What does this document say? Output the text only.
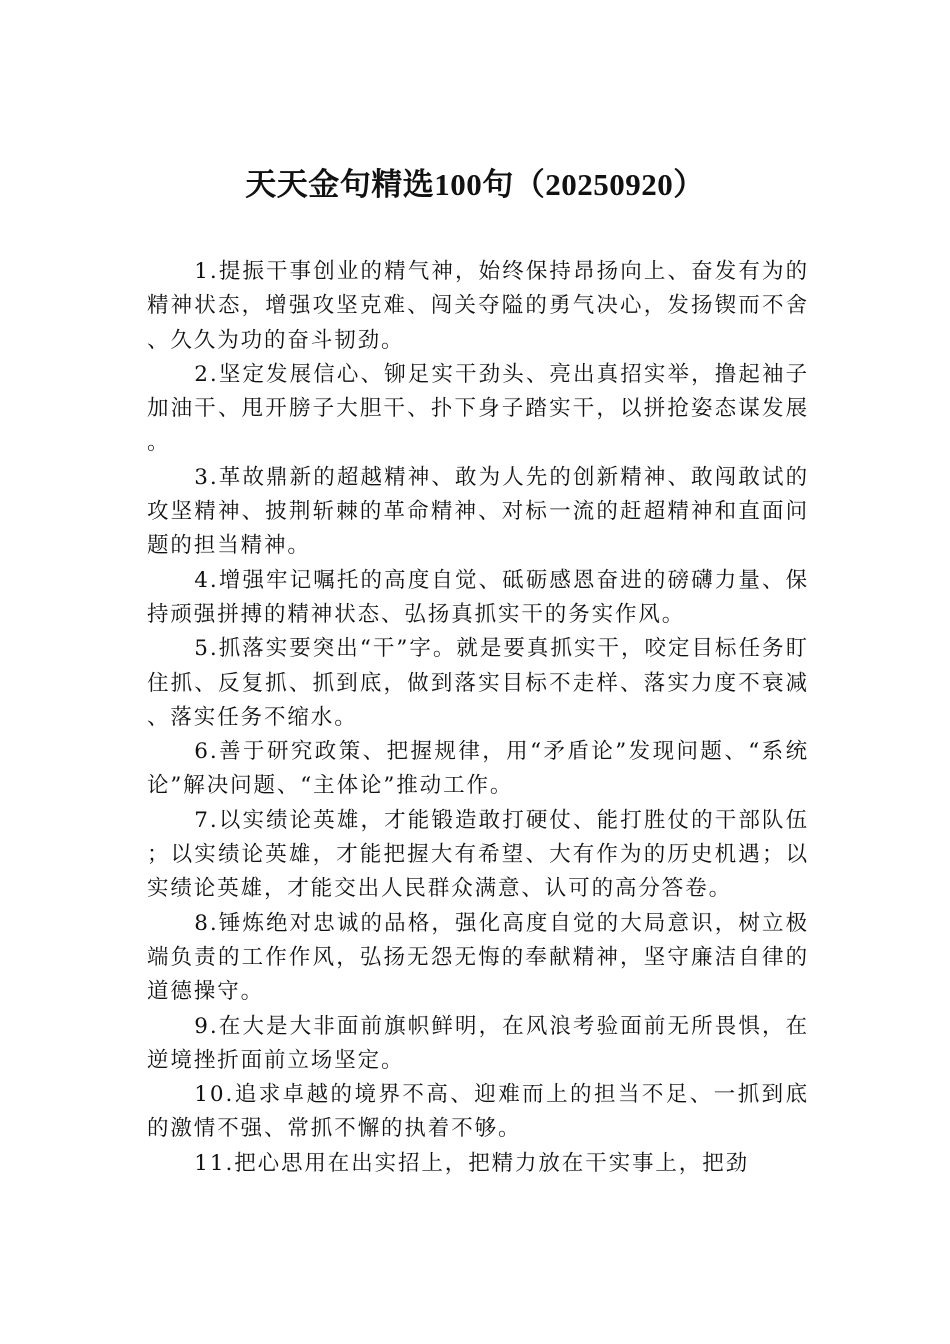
天天金句精选100句（20250920）

1.提振干事创业的精气神，始终保持昂扬向上、奋发有为的精神状态，增强攻坚克难、闯关夺隘的勇气决心，发扬锲而不舍、久久为功的奋斗韧劲。

2.坚定发展信心、铆足实干劲头、亮出真招实举，撸起袖子加油干、甩开膀子大胆干、扑下身子踏实干，以拼抢姿态谋发展。

3.革故鼎新的超越精神、敢为人先的创新精神、敢闯敢试的攻坚精神、披荆斩棘的革命精神、对标一流的赶超精神和直面问题的担当精神。

4.增强牢记嘱托的高度自觉、砥砺感恩奋进的磅礴力量、保持顽强拼搏的精神状态、弘扬真抓实干的务实作风。

5.抓落实要突出“干”字。就是要真抓实干，咬定目标任务盯住抓、反复抓、抓到底，做到落实目标不走样、落实力度不衰减、落实任务不缩水。

6.善于研究政策、把握规律，用“矛盾论”发现问题、“系统论”解决问题、“主体论”推动工作。

7.以实绩论英雄，才能锻造敢打硬仗、能打胜仗的干部队伍；以实绩论英雄，才能把握大有希望、大有作为的历史机遇；以实绩论英雄，才能交出人民群众满意、认可的高分答卷。

8.锤炼绝对忠诚的品格，强化高度自觉的大局意识，树立极端负责的工作作风，弘扬无怨无悔的奉献精神，坚守廉洁自律的道德操守。

9.在大是大非面前旗帜鲜明，在风浪考验面前无所畏惧，在逆境挫折面前立场坚定。

10.追求卓越的境界不高、迎难而上的担当不足、一抓到底的激情不强、常抓不懈的执着不够。

11.把心思用在出实招上，把精力放在干实事上，把劲
